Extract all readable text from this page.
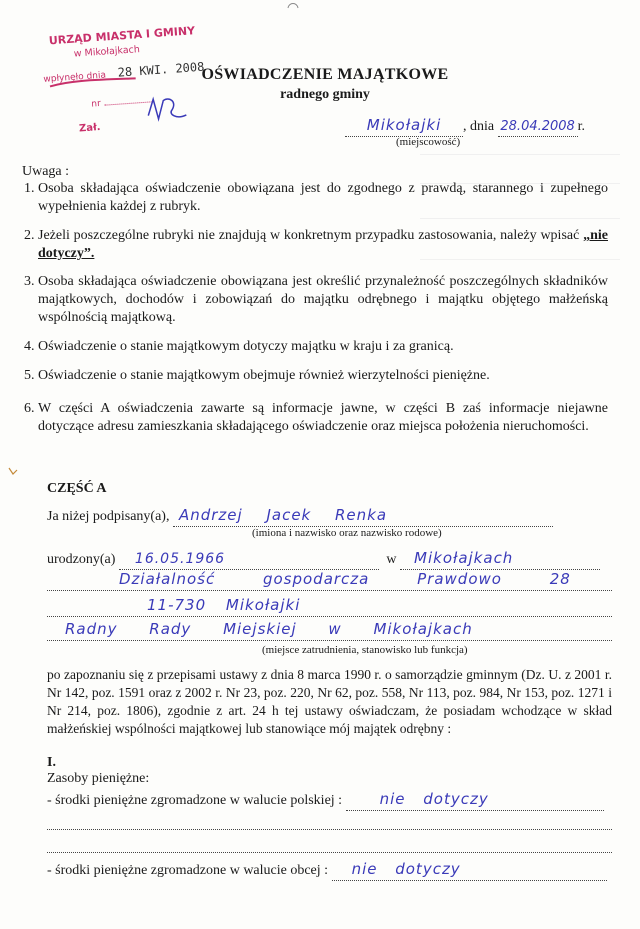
URZĄD MIASTA I GMINY
w Mikołajkach
wpłynęło dnia 28 KWI. 2008
nr
Zał.
OŚWIADCZENIE MAJĄTKOWE
radnego gminy
Mikołajki , dnia 28.04.2008 r.
(miejscowość)
Uwaga :
1. Osoba składająca oświadczenie obowiązana jest do zgodnego z prawdą, starannego i zupełnego wypełnienia każdej z rubryk.
2. Jeżeli poszczególne rubryki nie znajdują w konkretnym przypadku zastosowania, należy wpisać „nie dotyczy”.
3. Osoba składająca oświadczenie obowiązana jest określić przynależność poszczególnych składników majątkowych, dochodów i zobowiązań do majątku odrębnego i majątku objętego małżeńską wspólnością majątkową.
4. Oświadczenie o stanie majątkowym dotyczy majątku w kraju i za granicą.
5. Oświadczenie o stanie majątkowym obejmuje również wierzytelności pieniężne.
6. W części A oświadczenia zawarte są informacje jawne, w części B zaś informacje niejawne dotyczące adresu zamieszkania składającego oświadczenie oraz miejsca położenia nieruchomości.
CZĘŚĆ A
Ja niżej podpisany(a), Andrzej Jacek Renka
(imiona i nazwisko oraz nazwisko rodowe)
urodzony(a) 16.05.1966	w Mikołajkach
Działalność gospodarcza Prawdowo 28
11-730 Mikołajki
Radny Rady Miejskiej w Mikołajkach
(miejsce zatrudnienia, stanowisko lub funkcja)
po zapoznaniu się z przepisami ustawy z dnia 8 marca 1990 r. o samorządzie gminnym (Dz. U. z 2001 r. Nr 142, poz. 1591 oraz z 2002 r. Nr 23, poz. 220, Nr 62, poz. 558, Nr 113, poz. 984, Nr 153, poz. 1271 i Nr 214, poz. 1806), zgodnie z art. 24 h tej ustawy oświadczam, że posiadam wchodzące w skład małżeńskiej wspólności majątkowej lub stanowiące mój majątek odrębny :
I.
Zasoby pieniężne:
- środki pieniężne zgromadzone w walucie polskiej :	nie dotyczy
- środki pieniężne zgromadzone w walucie obcej : nie dotyczy
